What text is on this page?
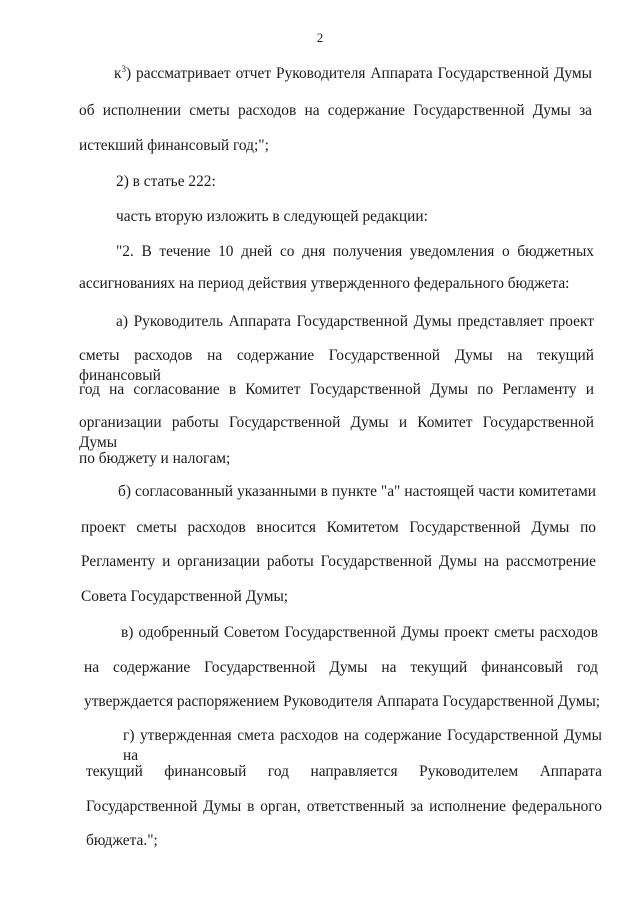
2
$к^3$) рассматривает отчет Руководителя Аппарата Государственной Думы
об исполнении сметы расходов на содержание Государственной Думы за
истекший финансовый год;";
2) в статье 222:
часть вторую изложить в следующей редакции:
"2. В течение 10 дней со дня получения уведомления о бюджетных
ассигнованиях на период действия утвержденного федерального бюджета:
а) Руководитель Аппарата Государственной Думы представляет проект
сметы расходов на содержание Государственной Думы на текущий финансовый
год на согласование в Комитет Государственной Думы по Регламенту и
организации работы Государственной Думы и Комитет Государственной Думы
по бюджету и налогам;
б) согласованный указанными в пункте "а" настоящей части комитетами
проект сметы расходов вносится Комитетом Государственной Думы по
Регламенту и организации работы Государственной Думы на рассмотрение
Совета Государственной Думы;
в) одобренный Советом Государственной Думы проект сметы расходов
на содержание Государственной Думы на текущий финансовый год
утверждается распоряжением Руководителя Аппарата Государственной Думы;
г) утвержденная смета расходов на содержание Государственной Думы на
текущий финансовый год направляется Руководителем Аппарата
Государственной Думы в орган, ответственный за исполнение федерального
бюджета.";
